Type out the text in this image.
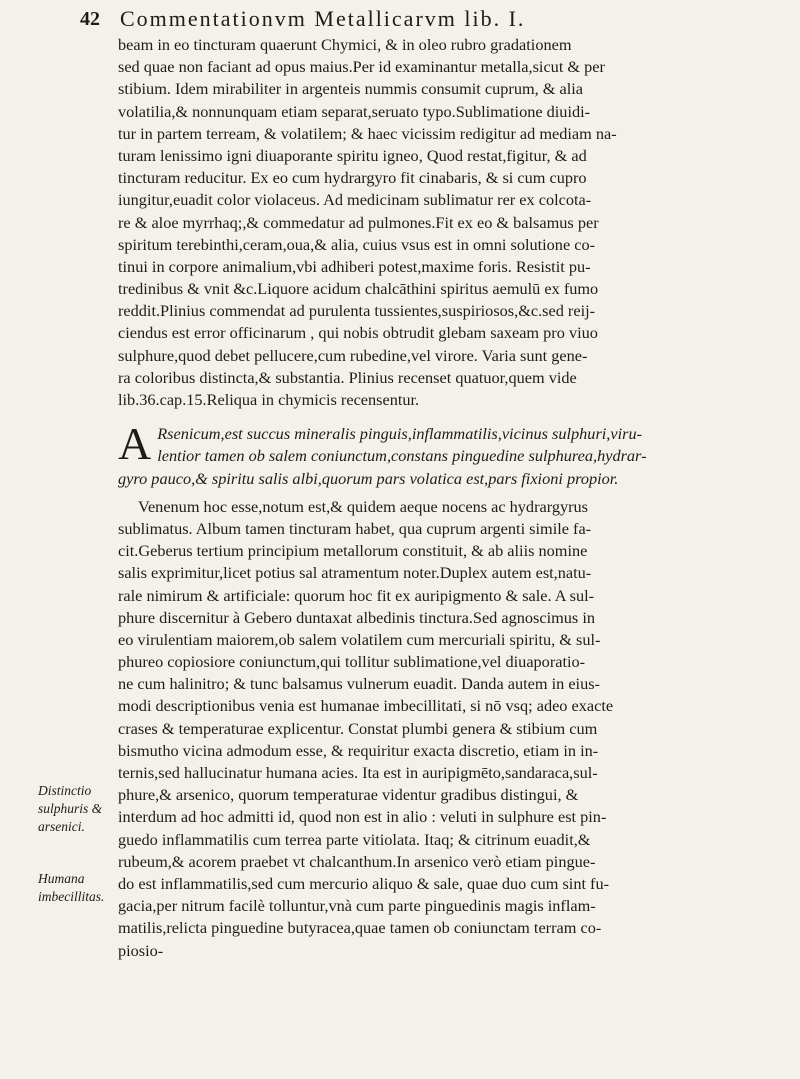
42 Commentationvm Metallicarvm lib. I.
Distinctio sulphuris & arsenici.
Humana imbecillitas.
beam in eo tincturam quaerunt Chymici, & in oleo rubro gradationem
sed quae non faciant ad opus maius.Per id examinantur metalla,sicut & per
stibium. Idem mirabiliter in argenteis nummis consumit cuprum, & alia
volatilia,& nonnunquam etiam separat,seruato typo.Sublimatione diuidi-
tur in partem terream, & volatilem; & haec vicissim redigitur ad mediam na-
turam lenissimo igni diuaporante spiritu igneo, Quod restat,figitur, & ad
tincturam reducitur. Ex eo cum hydrargyro fit cinabaris, & si cum cupro
iungitur,euadit color violaceus. Ad medicinam sublimatur rer ex colcota-
re & aloe myrrhaq;,& commedatur ad pulmones.Fit ex eo & balsamus per
spiritum terebinthi,ceram,oua,& alia, cuius vsus est in omni solutione co-
tinui in corpore animalium,vbi adhiberi potest,maxime foris. Resistit pu-
tredinibus & vnit &c.Liquore acidum chalcāthini spiritus aemulū ex fumo
reddit.Plinius commendat ad purulenta tussientes,suspiriosos,&c.sed reij-
ciendus est error officinarum , qui nobis obtrudit glebam saxeam pro viuo
sulphure,quod debet pellucere,cum rubedine,vel virore. Varia sunt gene-
ra coloribus distincta,& substantia. Plinius recenset quatuor,quem vide
lib.36.cap.15.Reliqua in chymicis recensentur.
A Rsenicum,est succus mineralis pinguis,inflammatilis,vicinus sulphuri,viru-
lentior tamen ob salem coniunctum,constans pinguedine sulphurea,hydrar-
gyro pauco,& spiritu salis albi,quorum pars volatica est,pars fixioni propior.
Venenum hoc esse,notum est,& quidem aeque nocens ac hydrargyrus
sublimatus. Album tamen tincturam habet, qua cuprum argenti simile fa-
cit.Geberus tertium principium metallorum constituit, & ab aliis nomine
salis exprimitur,licet potius sal atramentum noter.Duplex autem est,natu-
rale nimirum & artificiale: quorum hoc fit ex auripigmento & sale. A sul-
phure discernitur à Gebero duntaxat albedinis tinctura.Sed agnoscimus in
eo virulentiam maiorem,ob salem volatilem cum mercuriali spiritu, & sul-
phureo copiosiore coniunctum,qui tollitur sublimatione,vel diuaporatio-
ne cum halinitro; & tunc balsamus vulnerum euadit. Danda autem in eius-
modi descriptionibus venia est humanae imbecillitati, si nō vsq; adeo exacte
crases & temperaturae explicentur. Constat plumbi genera & stibium cum
bismutho vicina admodum esse, & requiritur exacta discretio, etiam in in-
ternis,sed hallucinatur humana acies. Ita est in auripigmēto,sandaraca,sul-
phure,& arsenico, quorum temperaturae videntur gradibus distingui, &
interdum ad hoc admitti id, quod non est in alio : veluti in sulphure est pin-
guedo inflammatilis cum terrea parte vitiolata. Itaq; & citrinum euadit,&
rubeum,& acorem praebet vt chalcanthum.In arsenico verò etiam pingue-
do est inflammatilis,sed cum mercurio aliquo & sale, quae duo cum sint fu-
gacia,per nitrum facilè tolluntur,vnà cum parte pinguedinis magis inflam-
matilis,relicta pinguedine butyracea,quae tamen ob coniunctam terram co-
piosio-
